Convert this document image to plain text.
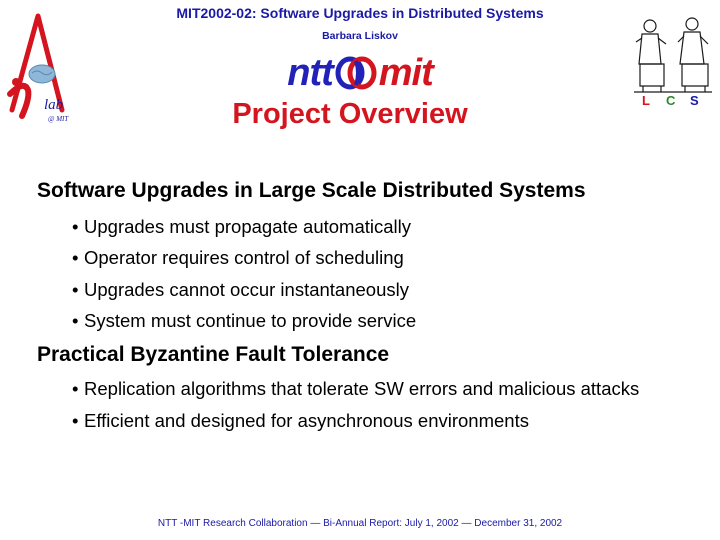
lab
@ MIT
MIT2002-02: Software Upgrades in Distributed Systems
Barbara Liskov
ntt mit
L C S
Project Overview
Software Upgrades in Large Scale Distributed Systems
• Upgrades must propagate automatically
• Operator requires control of scheduling
• Upgrades cannot occur instantaneously
• System must continue to provide service
Practical Byzantine Fault Tolerance
• Replication algorithms that tolerate SW errors and malicious attacks
• Efficient and designed for asynchronous environments
NTT -MIT Research Collaboration — Bi-Annual Report: July 1, 2002 — December 31, 2002
